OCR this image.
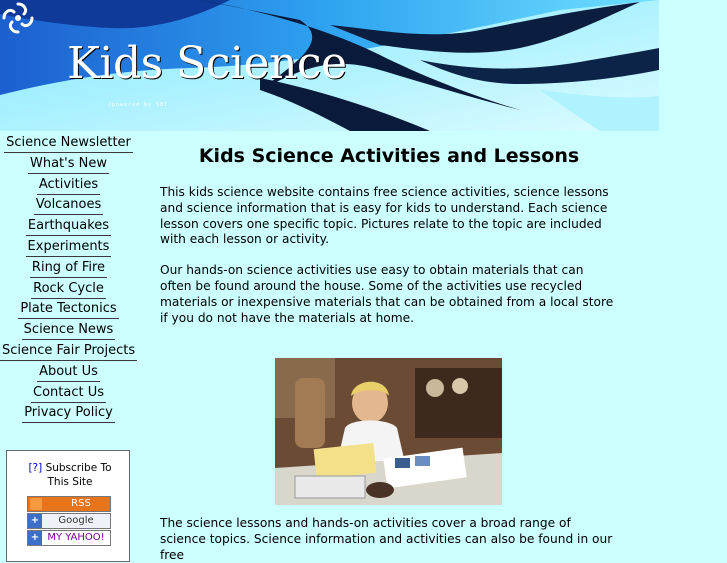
Kids Science
/powered by SBI
Science Newsletter
What's New
Activities
Volcanoes
Earthquakes
Experiments
Ring of Fire
Rock Cycle
Plate Tectonics
Science News
Science Fair Projects
About Us
Contact Us
Privacy Policy
[?] Subscribe To This Site
RSS
+	Google
+ MY YAHOO!
Kids Science Activities and Lessons

This kids science website contains free science activities, science lessons and science information that is easy for kids to understand. Each science lesson covers one specific topic. Pictures relate to the topic are included with each lesson or activity.

Our hands-on science activities use easy to obtain materials that can often be found around the house. Some of the activities use recycled materials or inexpensive materials that can be obtained from a local store if you do not have the materials at home.

The science lessons and hands-on activities cover a broad range of science topics. Science information and activities can also be found in our free
